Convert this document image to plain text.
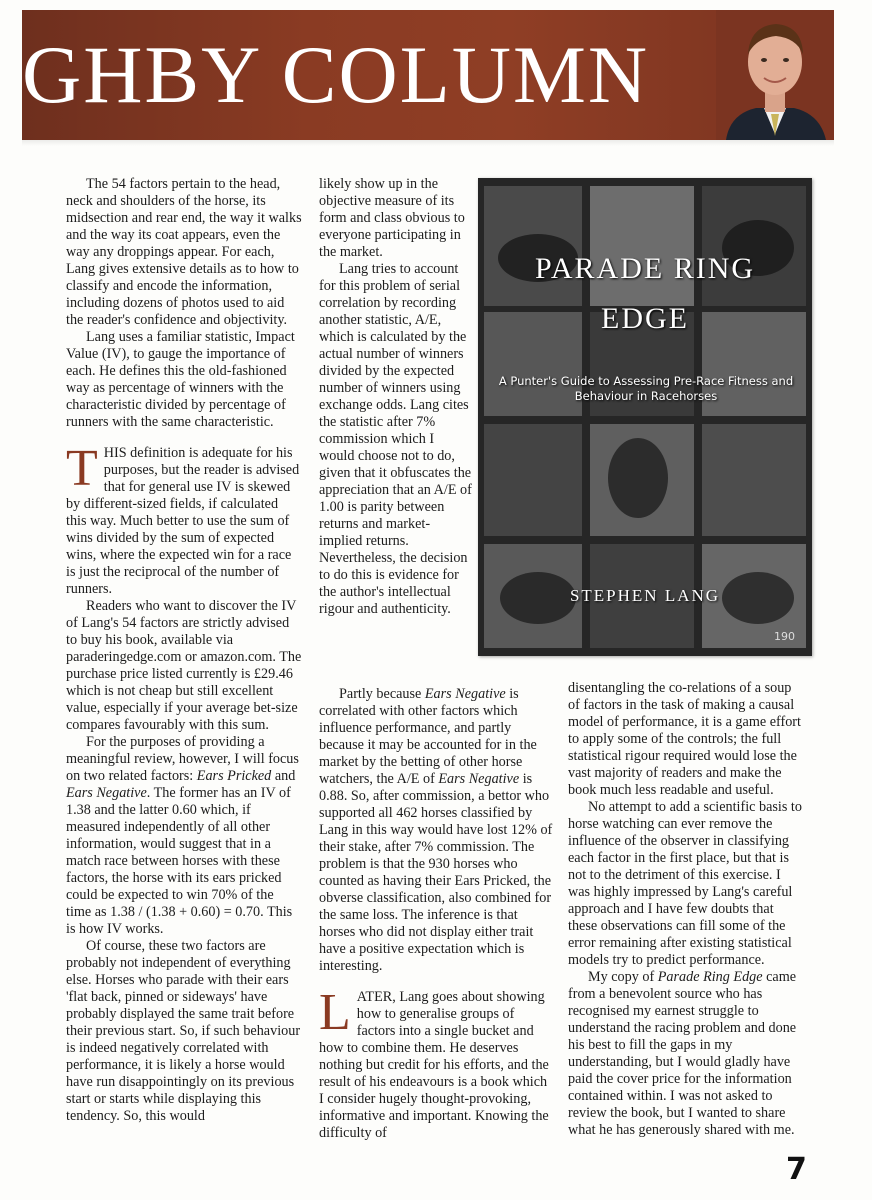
GHBY COLUMN

The 54 factors pertain to the head, neck and shoulders of the horse, its midsection and rear end, the way it walks and the way its coat appears, even the way any droppings appear. For each, Lang gives extensive details as to how to classify and encode the information, including dozens of photos used to aid the reader's confidence and objectivity.

Lang uses a familiar statistic, Impact Value (IV), to gauge the importance of each. He defines this the old-fashioned way as percentage of winners with the characteristic divided by percentage of runners with the same characteristic.

THIS definition is adequate for his purposes, but the reader is advised that for general use IV is skewed by different-sized fields, if calculated this way. Much better to use the sum of wins divided by the sum of expected wins, where the expected win for a race is just the reciprocal of the number of runners.

Readers who want to discover the IV of Lang's 54 factors are strictly advised to buy his book, available via paraderingedge.com or amazon.com. The purchase price listed currently is £29.46 which is not cheap but still excellent value, especially if your average bet-size compares favourably with this sum.

For the purposes of providing a meaningful review, however, I will focus on two related factors: Ears Pricked and Ears Negative. The former has an IV of 1.38 and the latter 0.60 which, if measured independently of all other information, would suggest that in a match race between horses with these factors, the horse with its ears pricked could be expected to win 70% of the time as 1.38 / (1.38 + 0.60) = 0.70. This is how IV works.

Of course, these two factors are probably not independent of everything else. Horses who parade with their ears 'flat back, pinned or sideways' have probably displayed the same trait before their previous start. So, if such behaviour is indeed negatively correlated with performance, it is likely a horse would have run disappointingly on its previous start or starts while displaying this tendency. So, this would

likely show up in the objective measure of its form and class obvious to everyone participating in the market.

Lang tries to account for this problem of serial correlation by recording another statistic, A/E, which is calculated by the actual number of winners divided by the expected number of winners using exchange odds. Lang cites the statistic after 7% commission which I would choose not to do, given that it obfuscates the appreciation that an A/E of 1.00 is parity between returns and market-implied returns. Nevertheless, the decision to do this is evidence for the author's intellectual rigour and authenticity.

PARADE RING
EDGE
A Punter's Guide to Assessing Pre-Race Fitness and Behaviour in Racehorses
STEPHEN LANG
190

Partly because Ears Negative is correlated with other factors which influence performance, and partly because it may be accounted for in the market by the betting of other horse watchers, the A/E of Ears Negative is 0.88. So, after commission, a bettor who supported all 462 horses classified by Lang in this way would have lost 12% of their stake, after 7% commission. The problem is that the 930 horses who counted as having their Ears Pricked, the obverse classification, also combined for the same loss. The inference is that horses who did not display either trait have a positive expectation which is interesting.

LATER, Lang goes about showing how to generalise groups of factors into a single bucket and how to combine them. He deserves nothing but credit for his efforts, and the result of his endeavours is a book which I consider hugely thought-provoking, informative and important. Knowing the difficulty of

disentangling the co-relations of a soup of factors in the task of making a causal model of performance, it is a game effort to apply some of the controls; the full statistical rigour required would lose the vast majority of readers and make the book much less readable and useful.

No attempt to add a scientific basis to horse watching can ever remove the influence of the observer in classifying each factor in the first place, but that is not to the detriment of this exercise. I was highly impressed by Lang's careful approach and I have few doubts that these observations can fill some of the error remaining after existing statistical models try to predict performance.

My copy of Parade Ring Edge came from a benevolent source who has recognised my earnest struggle to understand the racing problem and done his best to fill the gaps in my understanding, but I would gladly have paid the cover price for the information contained within. I was not asked to review the book, but I wanted to share what he has generously shared with me.

7
